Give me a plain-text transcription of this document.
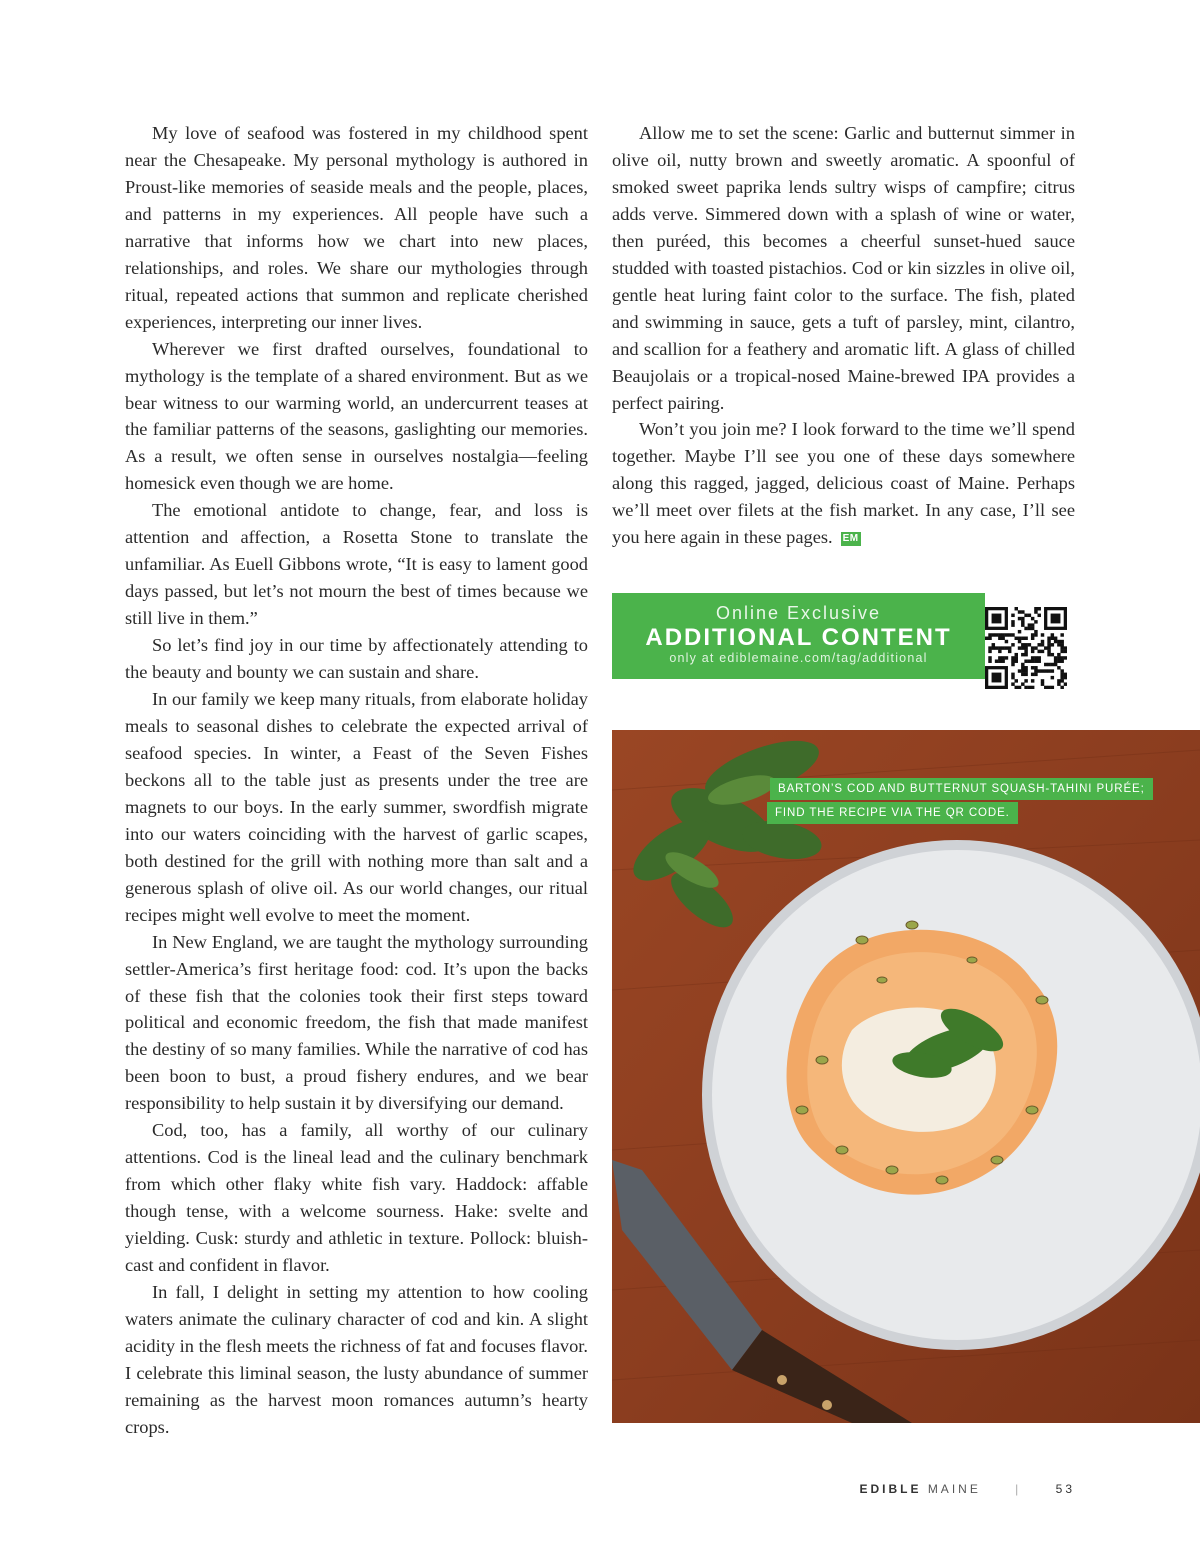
My love of seafood was fostered in my childhood spent near the Chesapeake. My personal mythology is authored in Proust-like memories of seaside meals and the people, places, and patterns in my experiences. All people have such a narrative that informs how we chart into new places, relationships, and roles. We share our mythologies through ritual, repeated actions that summon and replicate cherished experiences, interpreting our inner lives.

Wherever we first drafted ourselves, foundational to mythology is the template of a shared environment. But as we bear witness to our warming world, an undercurrent teases at the familiar patterns of the seasons, gaslighting our memories. As a result, we often sense in ourselves nostalgia—feeling homesick even though we are home.

The emotional antidote to change, fear, and loss is attention and affection, a Rosetta Stone to translate the unfamiliar. As Euell Gibbons wrote, “It is easy to lament good days passed, but let’s not mourn the best of times because we still live in them.”

So let’s find joy in our time by affectionately attending to the beauty and bounty we can sustain and share.

In our family we keep many rituals, from elaborate holiday meals to seasonal dishes to celebrate the expected arrival of seafood species. In winter, a Feast of the Seven Fishes beckons all to the table just as presents under the tree are magnets to our boys. In the early summer, swordfish migrate into our waters coinciding with the harvest of garlic scapes, both destined for the grill with nothing more than salt and a generous splash of olive oil. As our world changes, our ritual recipes might well evolve to meet the moment.

In New England, we are taught the mythology surrounding settler-America’s first heritage food: cod. It’s upon the backs of these fish that the colonies took their first steps toward political and economic freedom, the fish that made manifest the destiny of so many families. While the narrative of cod has been boon to bust, a proud fishery endures, and we bear responsibility to help sustain it by diversifying our demand.

Cod, too, has a family, all worthy of our culinary attentions. Cod is the lineal lead and the culinary benchmark from which other flaky white fish vary. Haddock: affable though tense, with a welcome sourness. Hake: svelte and yielding. Cusk: sturdy and athletic in texture. Pollock: bluish-cast and confident in flavor.

In fall, I delight in setting my attention to how cooling waters animate the culinary character of cod and kin. A slight acidity in the flesh meets the richness of fat and focuses flavor. I celebrate this liminal season, the lusty abundance of summer remaining as the harvest moon romances autumn’s hearty crops.

Allow me to set the scene: Garlic and butternut simmer in olive oil, nutty brown and sweetly aromatic. A spoonful of smoked sweet paprika lends sultry wisps of campfire; citrus adds verve. Simmered down with a splash of wine or water, then puréed, this becomes a cheerful sunset-hued sauce studded with toasted pistachios. Cod or kin sizzles in olive oil, gentle heat luring faint color to the surface. The fish, plated and swimming in sauce, gets a tuft of parsley, mint, cilantro, and scallion for a feathery and aromatic lift. A glass of chilled Beaujolais or a tropical-nosed Maine-brewed IPA provides a perfect pairing.

Won’t you join me? I look forward to the time we’ll spend together. Maybe I’ll see you one of these days somewhere along this ragged, jagged, delicious coast of Maine. Perhaps we’ll meet over filets at the fish market. In any case, I’ll see you here again in these pages. EM

Online Exclusive
ADDITIONAL CONTENT
only at ediblemaine.com/tag/additional
BARTON’S COD AND BUTTERNUT SQUASH-TAHINI PURÉE;
FIND THE RECIPE VIA THE QR CODE.
EDIBLE MAINE	|	53
